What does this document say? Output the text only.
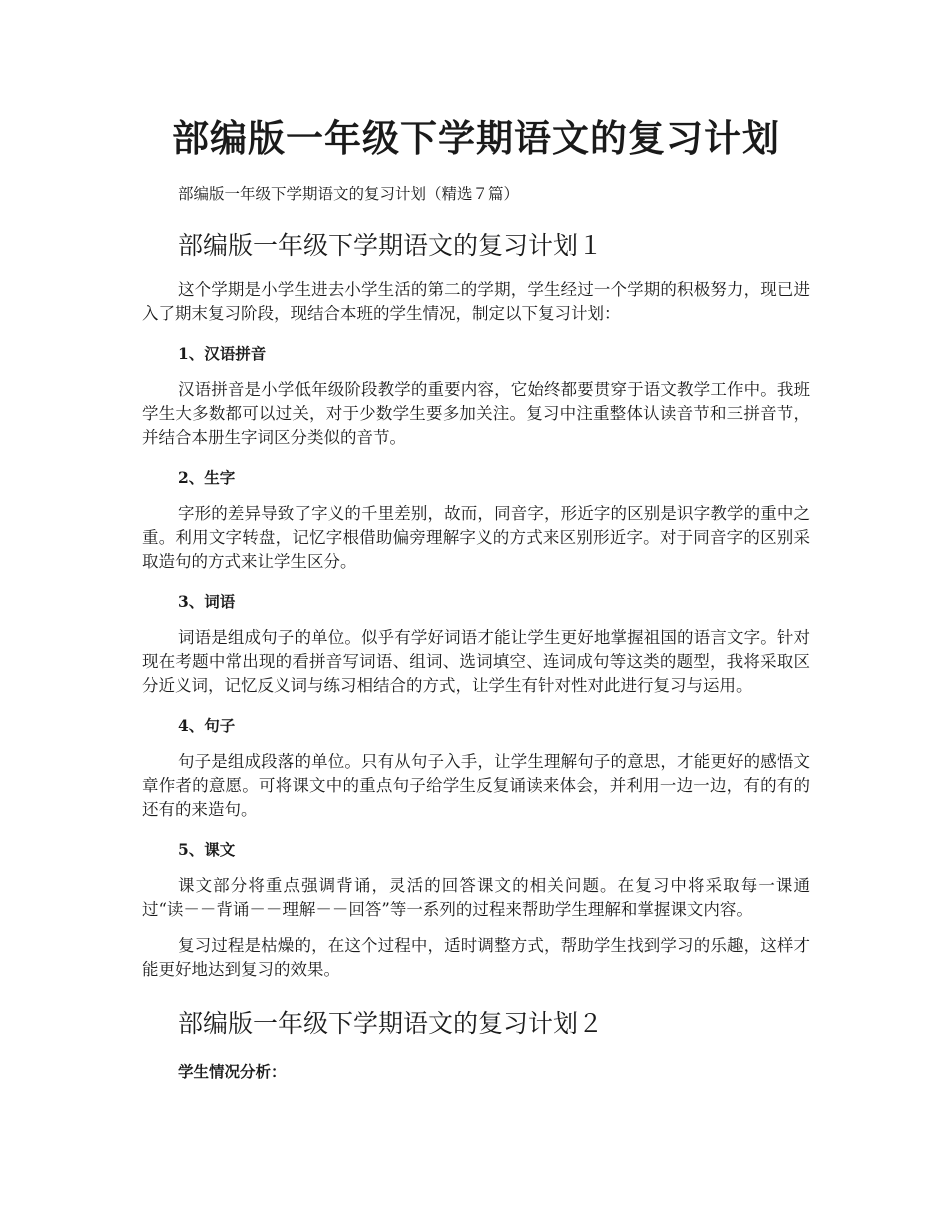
部编版一年级下学期语文的复习计划

部编版一年级下学期语文的复习计划（精选７篇）

部编版一年级下学期语文的复习计划１

这个学期是小学生进去小学生活的第二的学期，学生经过一个学期的积极努力，现已进入了期末复习阶段，现结合本班的学生情况，制定以下复习计划：

1、汉语拼音

汉语拼音是小学低年级阶段教学的重要内容，它始终都要贯穿于语文教学工作中。我班学生大多数都可以过关，对于少数学生要多加关注。复习中注重整体认读音节和三拼音节，并结合本册生字词区分类似的音节。

2、生字

字形的差异导致了字义的千里差别，故而，同音字，形近字的区别是识字教学的重中之重。利用文字转盘，记忆字根借助偏旁理解字义的方式来区别形近字。对于同音字的区别采取造句的方式来让学生区分。

3、词语

词语是组成句子的单位。似乎有学好词语才能让学生更好地掌握祖国的语言文字。针对现在考题中常出现的看拼音写词语、组词、选词填空、连词成句等这类的题型，我将采取区分近义词，记忆反义词与练习相结合的方式，让学生有针对性对此进行复习与运用。

4、句子

句子是组成段落的单位。只有从句子入手，让学生理解句子的意思，才能更好的感悟文章作者的意愿。可将课文中的重点句子给学生反复诵读来体会，并利用一边一边，有的有的还有的来造句。

5、课文

课文部分将重点强调背诵，灵活的回答课文的相关问题。在复习中将采取每一课通过“读－－背诵－－理解－－回答”等一系列的过程来帮助学生理解和掌握课文内容。

复习过程是枯燥的，在这个过程中，适时调整方式，帮助学生找到学习的乐趣，这样才能更好地达到复习的效果。

部编版一年级下学期语文的复习计划２
学生情况分析：
